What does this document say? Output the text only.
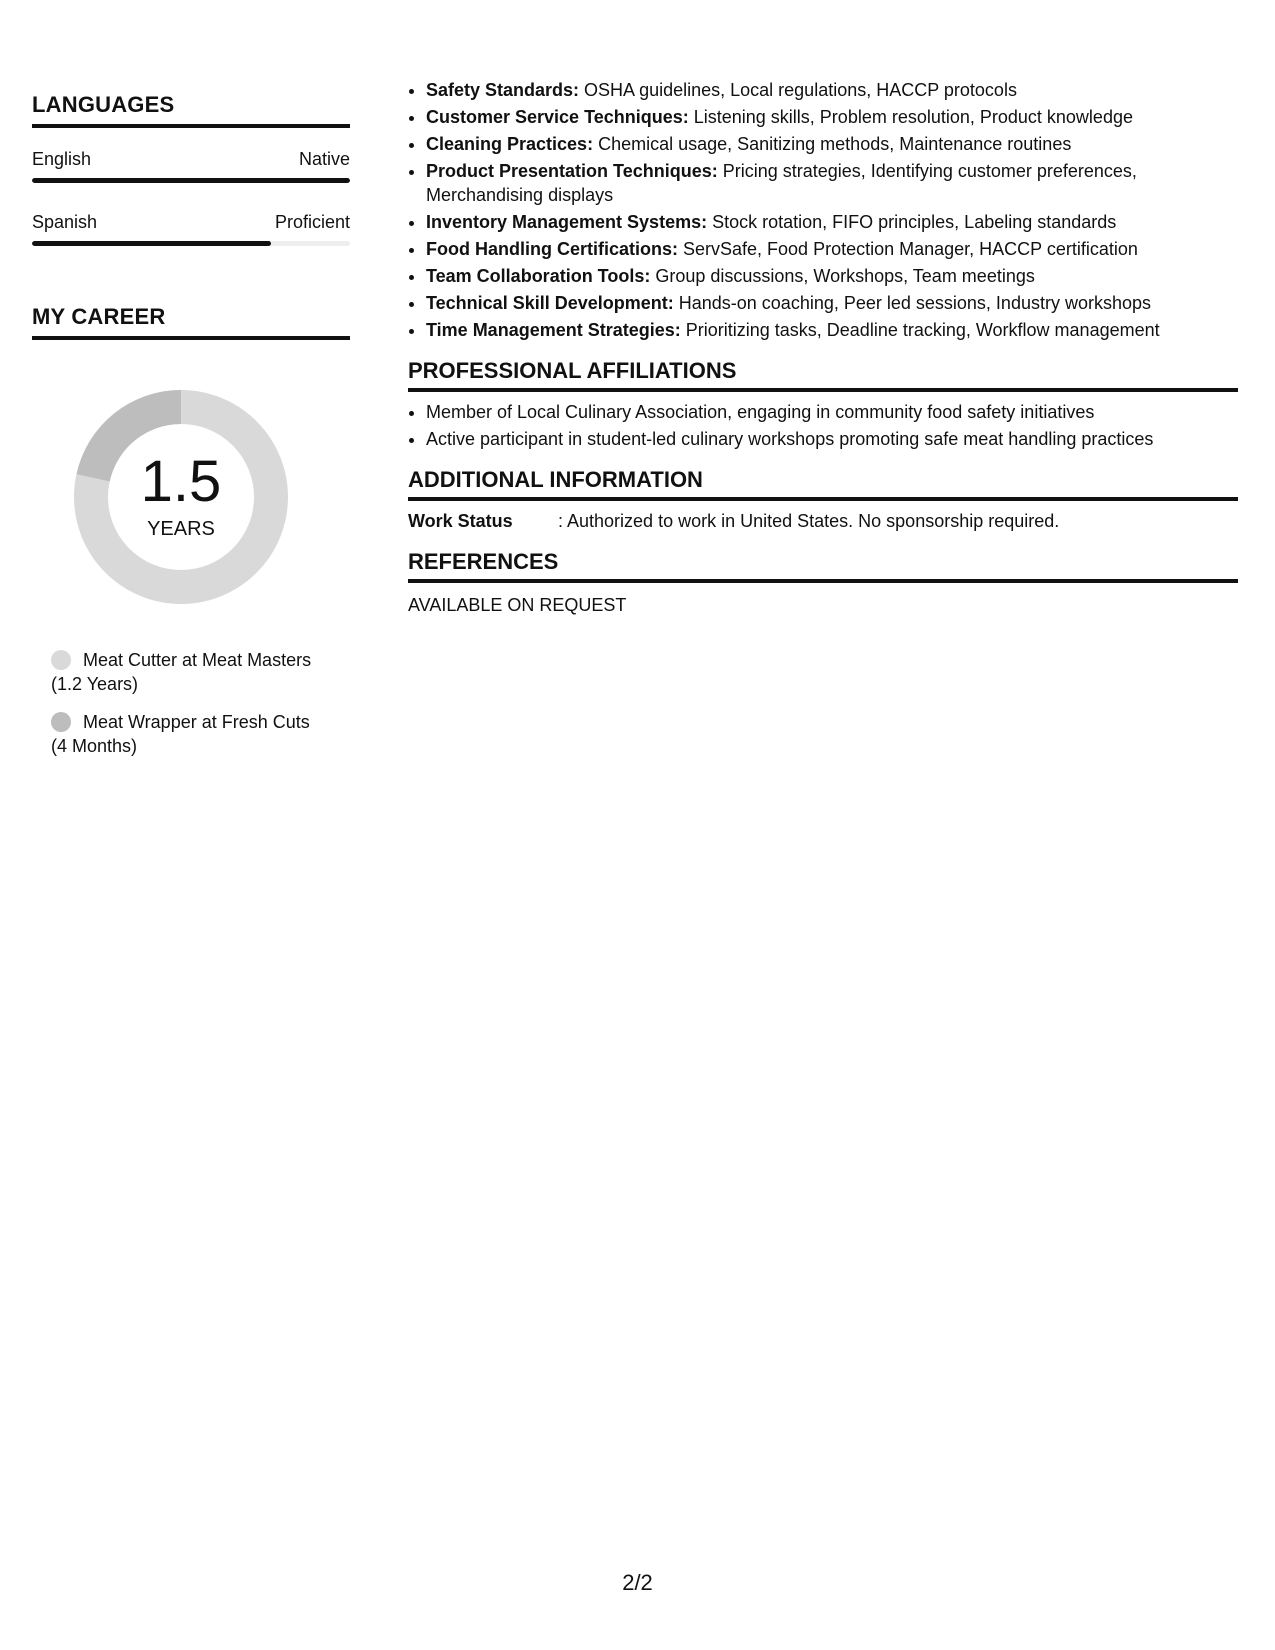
LANGUAGES
English	Native
Spanish	Proficient
MY CAREER
1.5
YEARS
Meat Cutter at Meat Masters
(1.2 Years)
Meat Wrapper at Fresh Cuts
(4 Months)
• Safety Standards: OSHA guidelines, Local regulations, HACCP protocols
• Customer Service Techniques: Listening skills, Problem resolution, Product knowledge
• Cleaning Practices: Chemical usage, Sanitizing methods, Maintenance routines
• Product Presentation Techniques: Pricing strategies, Identifying customer preferences, Merchandising displays
• Inventory Management Systems: Stock rotation, FIFO principles, Labeling standards
• Food Handling Certifications: ServSafe, Food Protection Manager, HACCP certification
• Team Collaboration Tools: Group discussions, Workshops, Team meetings
• Technical Skill Development: Hands-on coaching, Peer led sessions, Industry workshops
• Time Management Strategies: Prioritizing tasks, Deadline tracking, Workflow management
PROFESSIONAL AFFILIATIONS
• Member of Local Culinary Association, engaging in community food safety initiatives
• Active participant in student-led culinary workshops promoting safe meat handling practices
ADDITIONAL INFORMATION
Work Status	: Authorized to work in United States. No sponsorship required.
REFERENCES
AVAILABLE ON REQUEST
2/2
